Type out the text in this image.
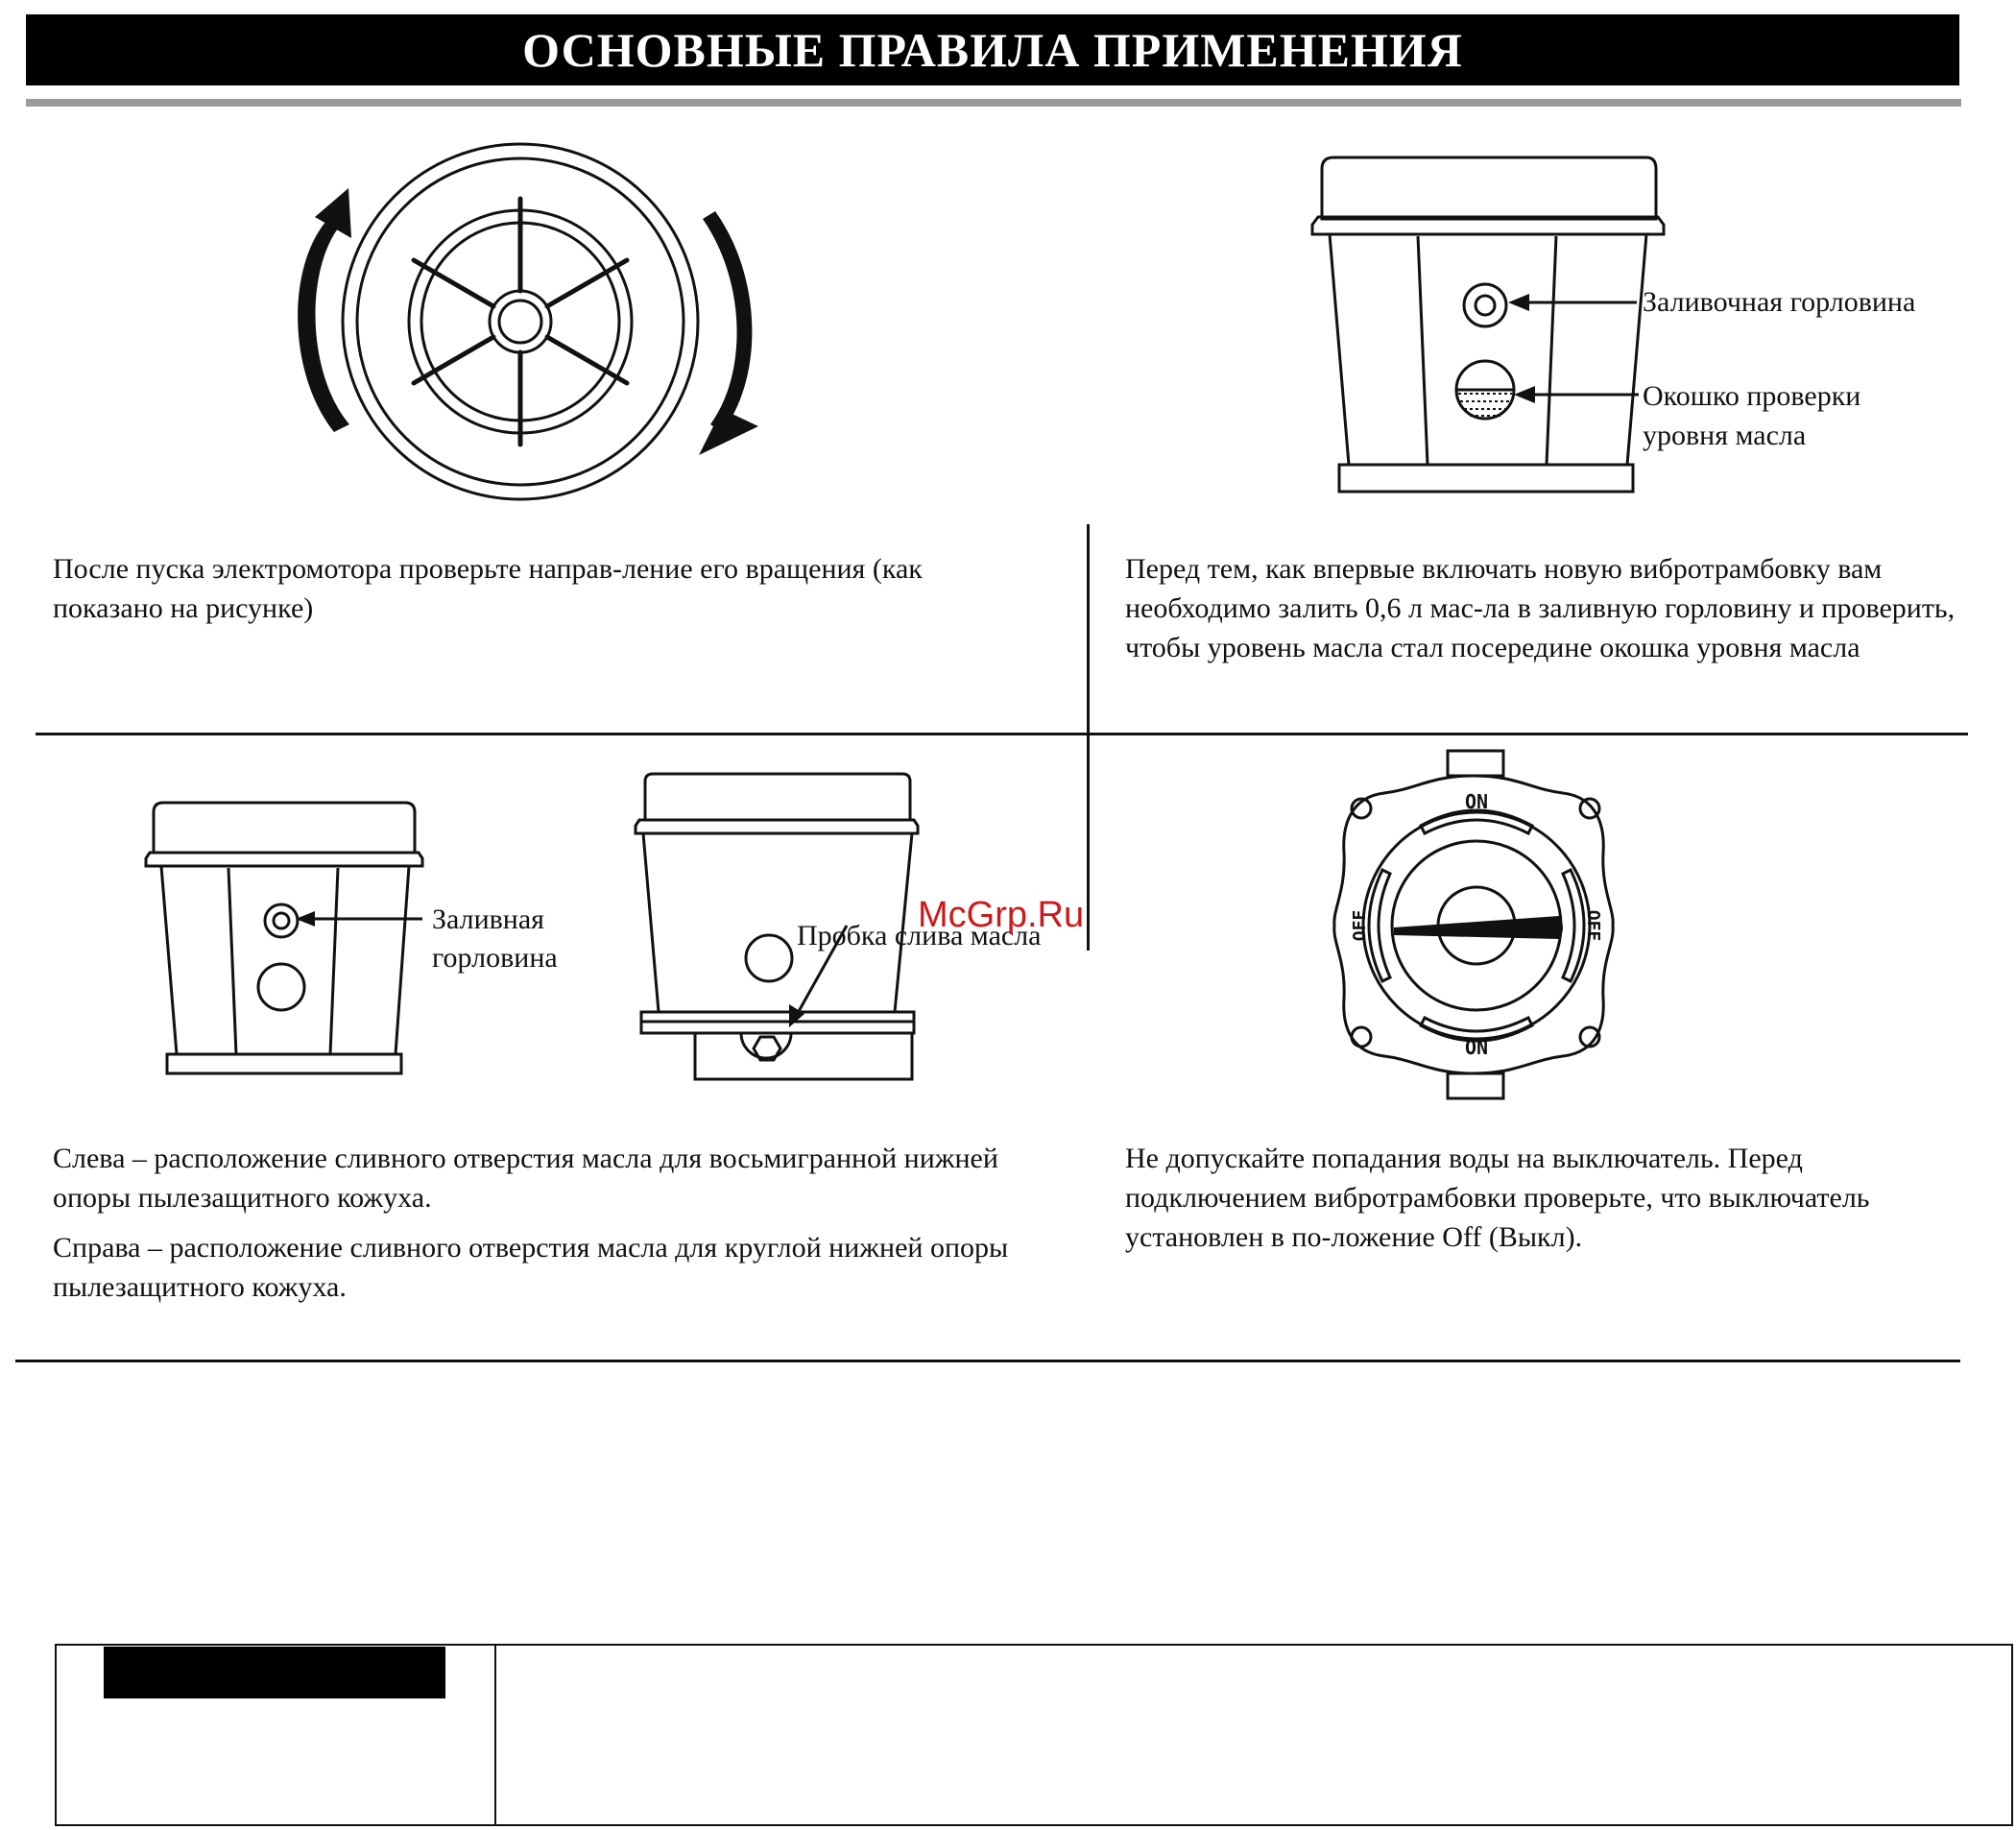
ОСНОВНЫЕ ПРАВИЛА ПРИМЕНЕНИЯ
После пуска электромотора проверьте направ-ление его вращения (как показано на рисунке)
Заливочная горловина
Окошко проверки
уровня масла
Перед тем, как впервые включать новую вибротрамбовку вам необходимо залить 0,6 л мас-ла в заливную горловину и проверить, чтобы уровень масла стал посередине окошка уровня масла
Заливная
горловина
Пробка слива масла
McGrp.Ru
Слева – расположение сливного отверстия масла для восьмигранной нижней опоры пылезащитного кожуха.
Справа – расположение сливного отверстия масла для круглой нижней опоры пылезащитного кожуха.
ON
ON
OFF	OFF
Не допускайте попадания воды на выключатель. Перед подключением вибротрамбовки проверьте, что выключатель установлен в по-ложение Off (Выкл).
